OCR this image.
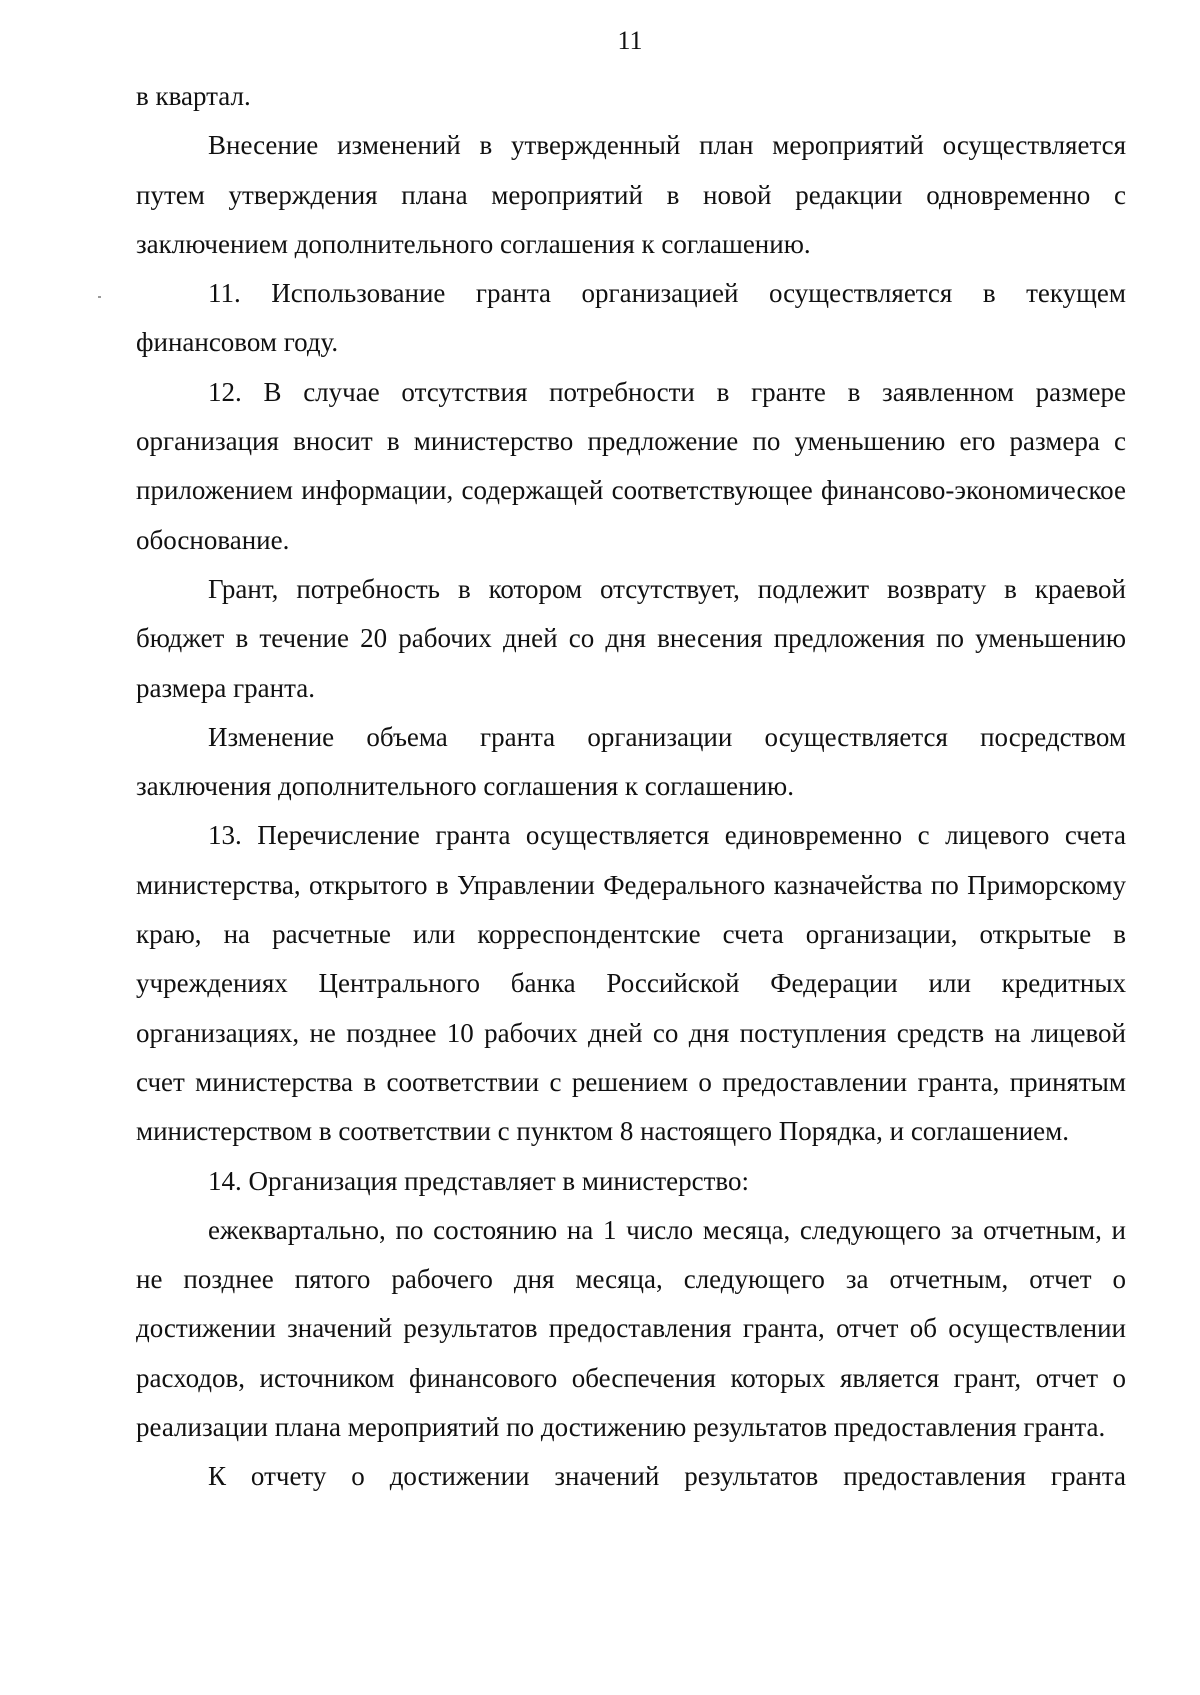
11

в квартал.

Внесение изменений в утвержденный план мероприятий осуществляется путем утверждения плана мероприятий в новой редакции одновременно с заключением дополнительного соглашения к соглашению.

11. Использование гранта организацией осуществляется в текущем финансовом году.

12. В случае отсутствия потребности в гранте в заявленном размере организация вносит в министерство предложение по уменьшению его размера с приложением информации, содержащей соответствующее финансово-экономическое обоснование.

Грант, потребность в котором отсутствует, подлежит возврату в краевой бюджет в течение 20 рабочих дней со дня внесения предложения по уменьшению размера гранта.

Изменение объема гранта организации осуществляется посредством заключения дополнительного соглашения к соглашению.

13. Перечисление гранта осуществляется единовременно с лицевого счета министерства, открытого в Управлении Федерального казначейства по Приморскому краю, на расчетные или корреспондентские счета организации, открытые в учреждениях Центрального банка Российской Федерации или кредитных организациях, не позднее 10 рабочих дней со дня поступления средств на лицевой счет министерства в соответствии с решением о предоставлении гранта, принятым министерством в соответствии с пунктом 8 настоящего Порядка, и соглашением.

14. Организация представляет в министерство:

ежеквартально, по состоянию на 1 число месяца, следующего за отчетным, и не позднее пятого рабочего дня месяца, следующего за отчетным, отчет о достижении значений результатов предоставления гранта, отчет об осуществлении расходов, источником финансового обеспечения которых является грант, отчет о реализации плана мероприятий по достижению результатов предоставления гранта.

К отчету о достижении значений результатов предоставления гранта
